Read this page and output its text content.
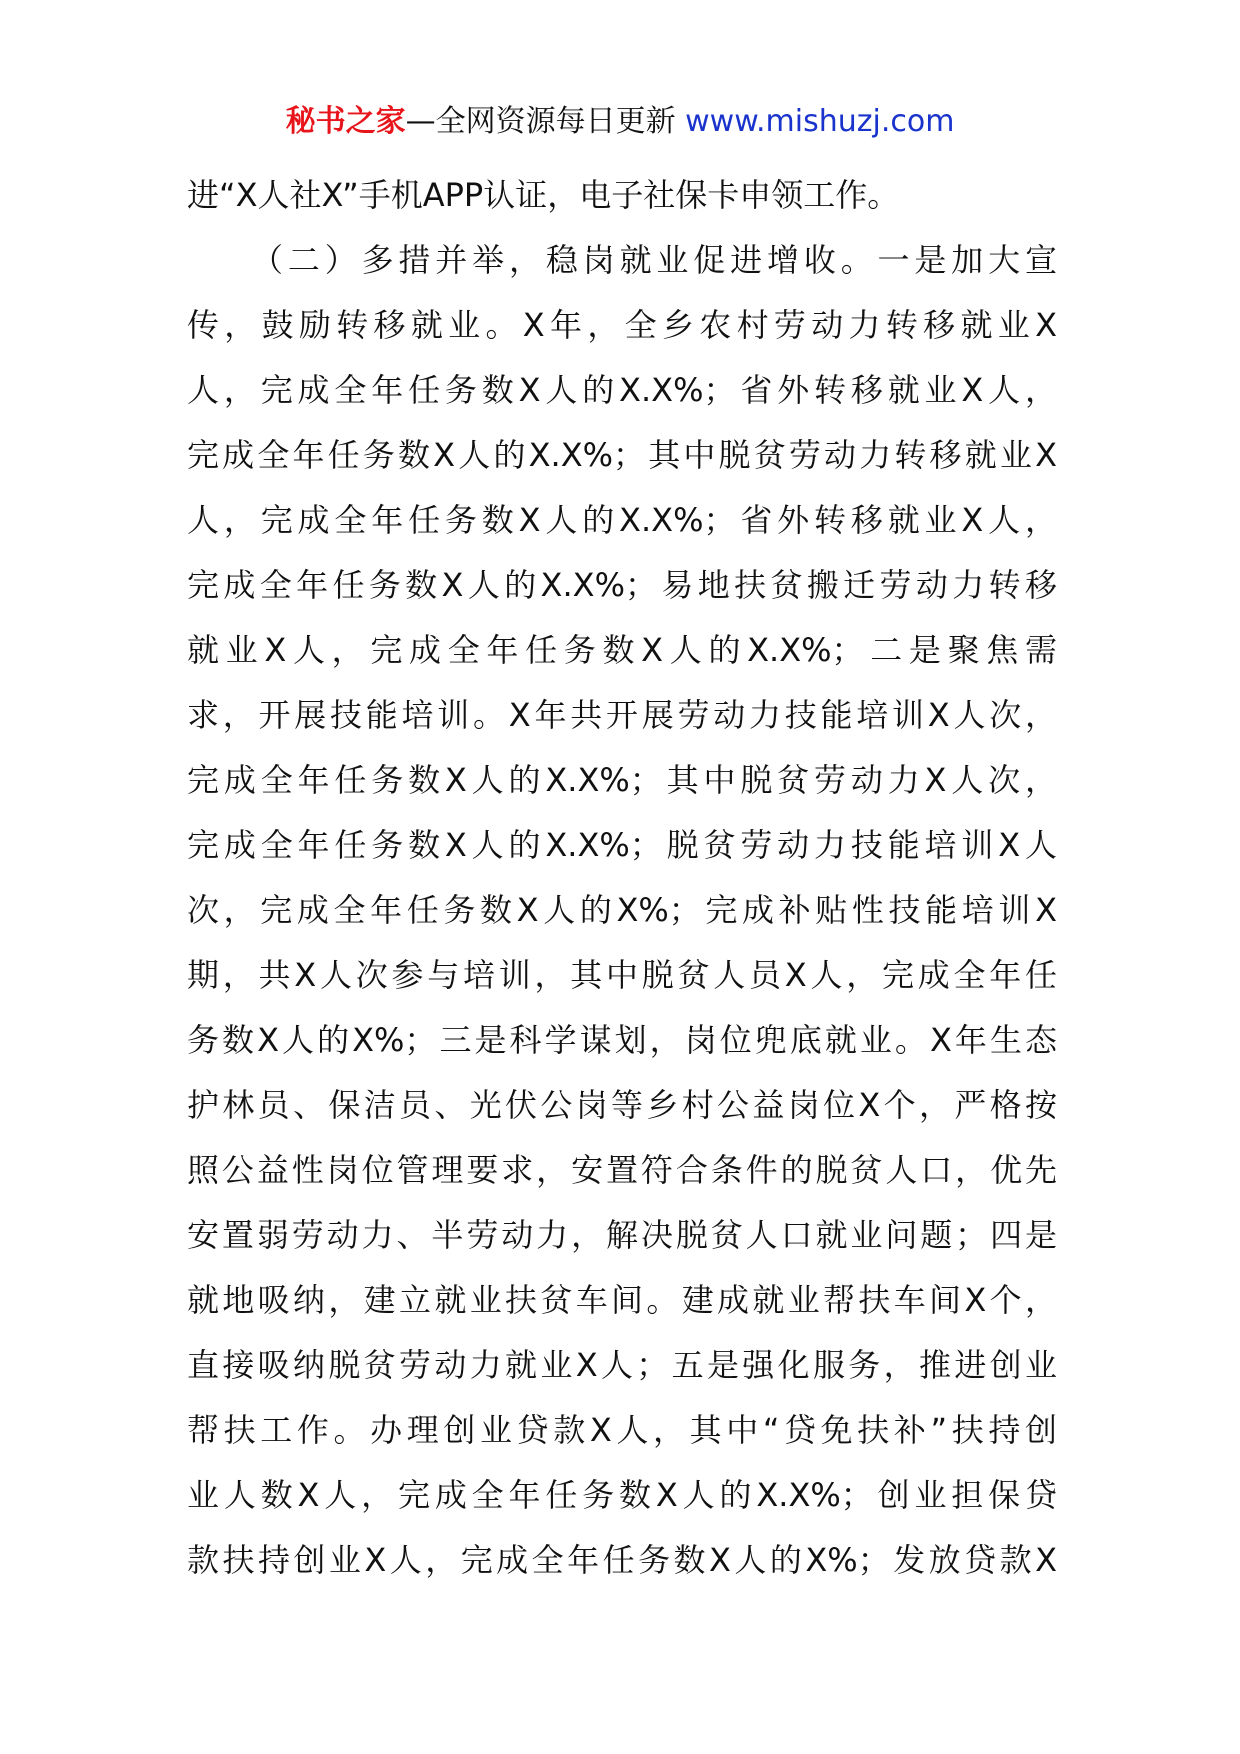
秘书之家—全网资源每日更新 www.mishuzj.com
进“X人社X”手机APP认证，电子社保卡申领工作。
（二）多措并举，稳岗就业促进增收。一是加大宣
传，鼓励转移就业。X年，全乡农村劳动力转移就业X
人，完成全年任务数X人的X.X%；省外转移就业X人，
完成全年任务数X人的X.X%；其中脱贫劳动力转移就业X
人，完成全年任务数X人的X.X%；省外转移就业X人，
完成全年任务数X人的X.X%；易地扶贫搬迁劳动力转移
就业X人，完成全年任务数X人的X.X%；二是聚焦需
求，开展技能培训。X年共开展劳动力技能培训X人次，
完成全年任务数X人的X.X%；其中脱贫劳动力X人次，
完成全年任务数X人的X.X%；脱贫劳动力技能培训X人
次，完成全年任务数X人的X%；完成补贴性技能培训X
期，共X人次参与培训，其中脱贫人员X人，完成全年任
务数X人的X%；三是科学谋划，岗位兜底就业。X年生态
护林员、保洁员、光伏公岗等乡村公益岗位X个，严格按
照公益性岗位管理要求，安置符合条件的脱贫人口，优先
安置弱劳动力、半劳动力，解决脱贫人口就业问题；四是
就地吸纳，建立就业扶贫车间。建成就业帮扶车间X个，
直接吸纳脱贫劳动力就业X人；五是强化服务，推进创业
帮扶工作。办理创业贷款X人，其中“贷免扶补”扶持创
业人数X人，完成全年任务数X人的X.X%；创业担保贷
款扶持创业X人，完成全年任务数X人的X%；发放贷款X
